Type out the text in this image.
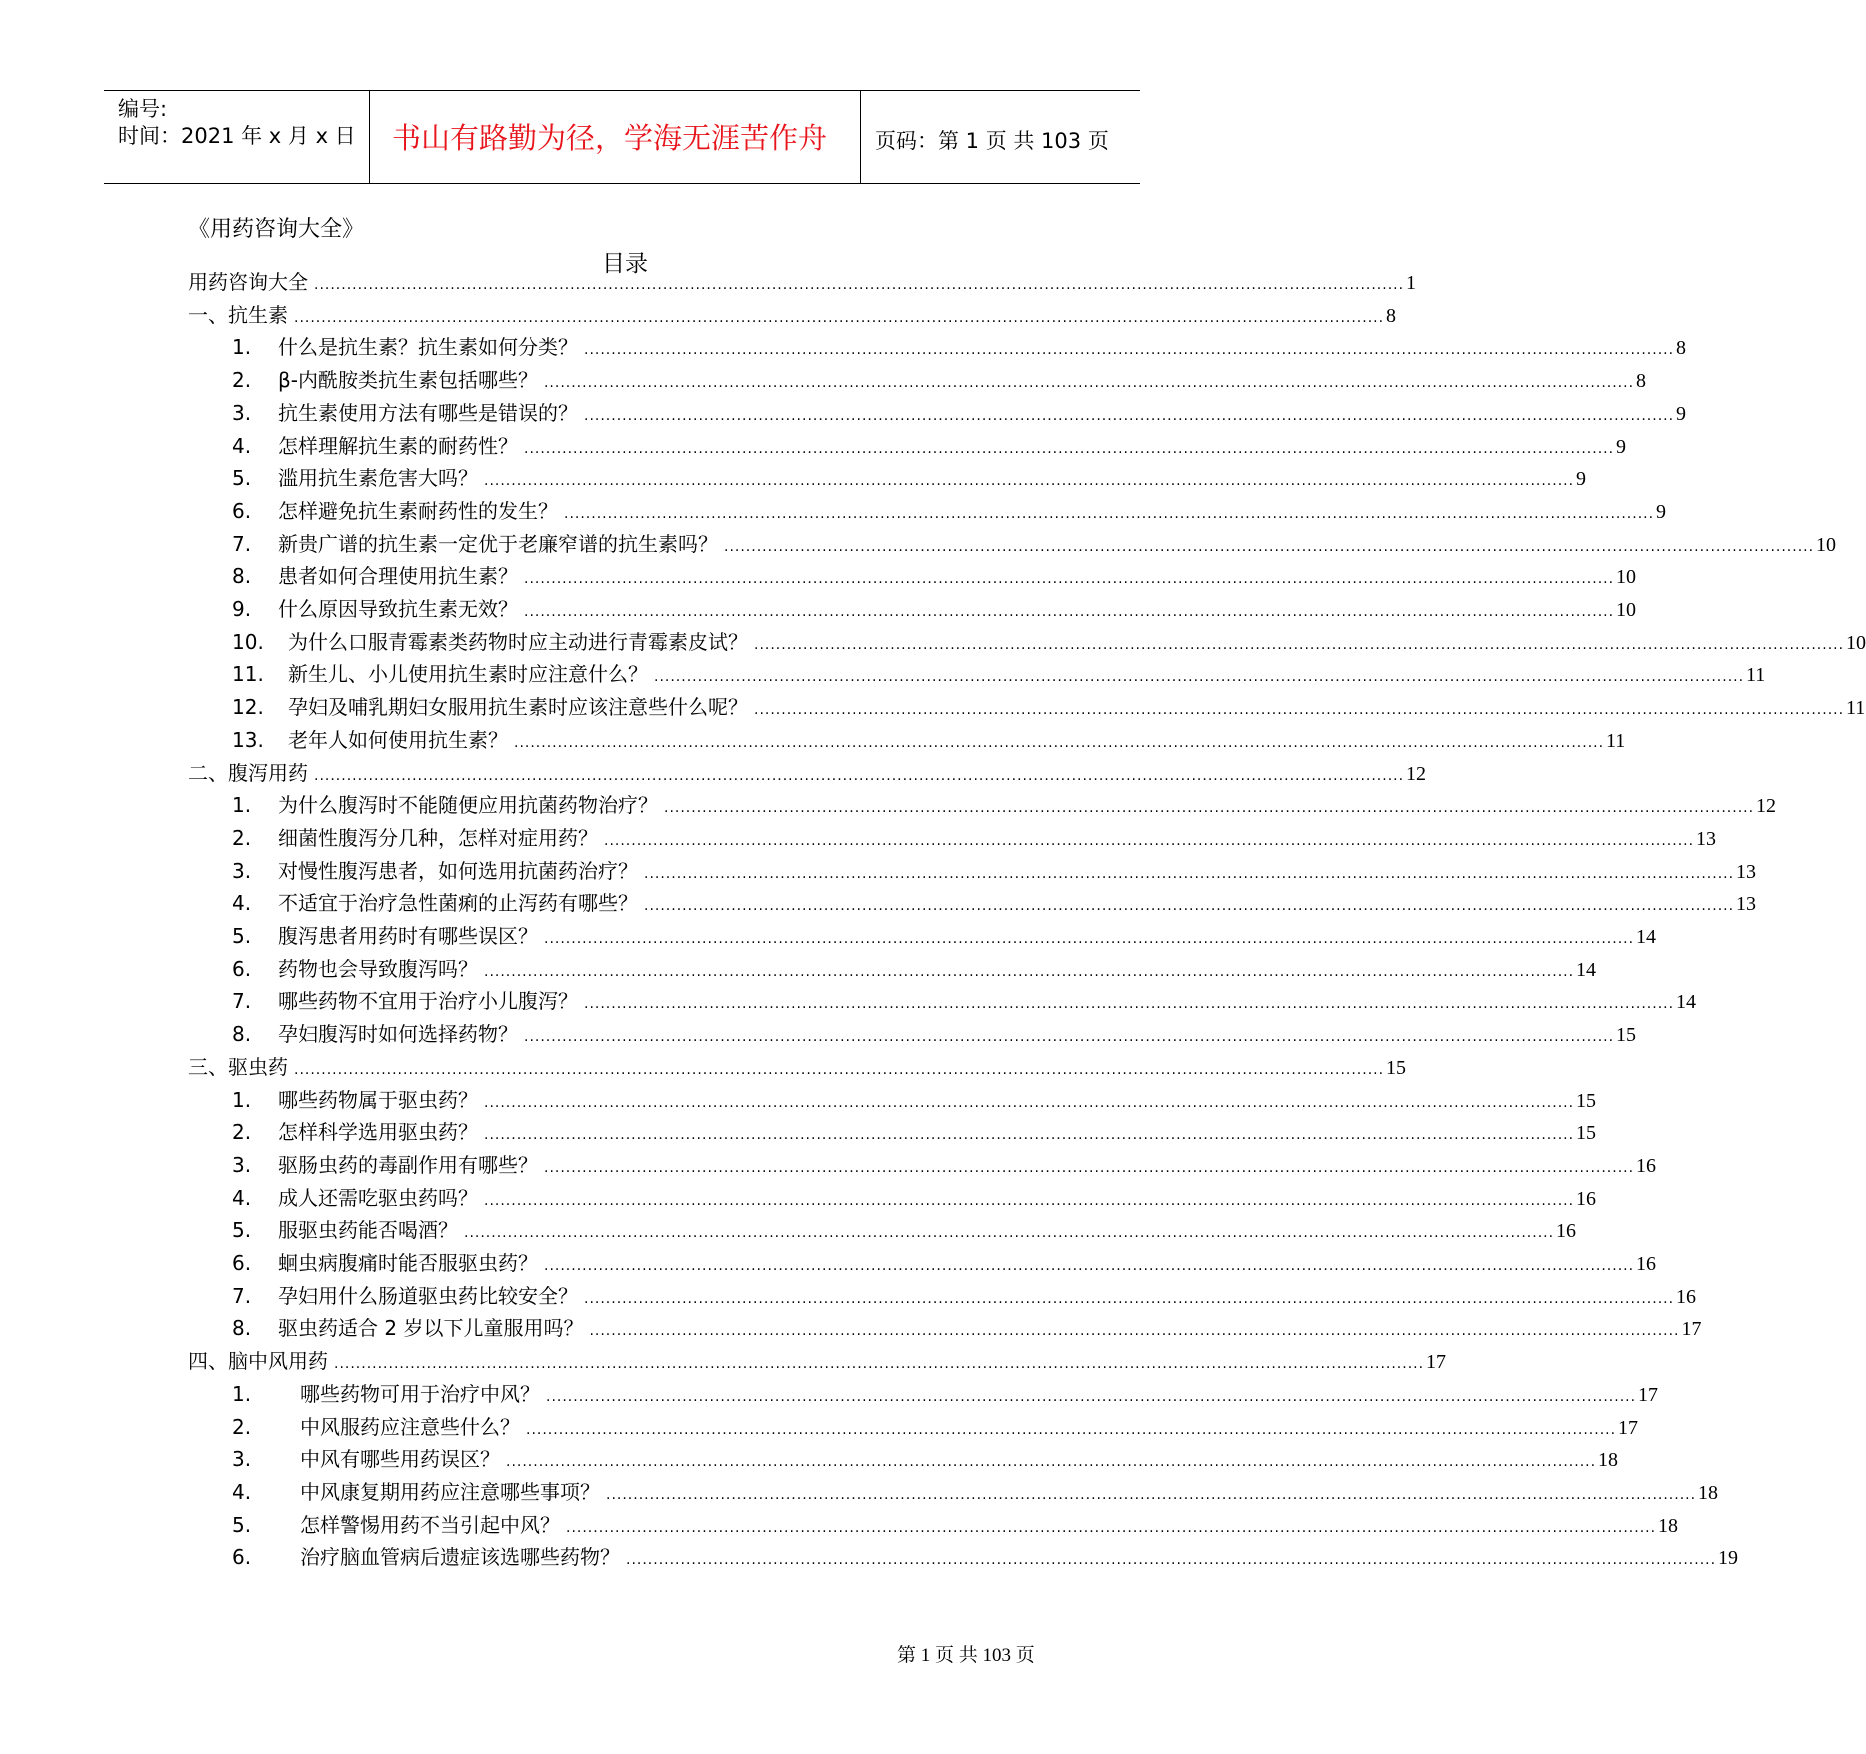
编号:
时间：2021 年 x 月 x 日 书山有路勤为径，学海无涯苦作舟 页码：第 1 页 共 103 页
《用药咨询大全》
目录
用药咨询大全 ........................................................................................................................................................................................................ 1
一、抗生素 ........................................................................................................................................................................................................ 8
1.	什么是抗生素？抗生素如何分类？ ........................................................................................................................................................................................................ 8
2.	β-内酰胺类抗生素包括哪些？ ........................................................................................................................................................................................................ 8
3.	抗生素使用方法有哪些是错误的？ ........................................................................................................................................................................................................ 9
4.	怎样理解抗生素的耐药性？ ........................................................................................................................................................................................................ 9
5.	滥用抗生素危害大吗？ ........................................................................................................................................................................................................ 9
6.	怎样避免抗生素耐药性的发生？ ........................................................................................................................................................................................................ 9
7.	新贵广谱的抗生素一定优于老廉窄谱的抗生素吗？ ........................................................................................................................................................................................................ 10
8.	患者如何合理使用抗生素？ ........................................................................................................................................................................................................ 10
9.	什么原因导致抗生素无效？ ........................................................................................................................................................................................................ 10
10.	为什么口服青霉素类药物时应主动进行青霉素皮试？ ........................................................................................................................................................................................................ 10
11.	新生儿、小儿使用抗生素时应注意什么？ ........................................................................................................................................................................................................ 11
12.	孕妇及哺乳期妇女服用抗生素时应该注意些什么呢？ ........................................................................................................................................................................................................ 11
13.	老年人如何使用抗生素？ ........................................................................................................................................................................................................ 11
二、腹泻用药 ........................................................................................................................................................................................................ 12
1.	为什么腹泻时不能随便应用抗菌药物治疗？ ........................................................................................................................................................................................................ 12
2.	细菌性腹泻分几种，怎样对症用药？ ........................................................................................................................................................................................................ 13
3.	对慢性腹泻患者，如何选用抗菌药治疗？ ........................................................................................................................................................................................................ 13
4.	不适宜于治疗急性菌痢的止泻药有哪些？ ........................................................................................................................................................................................................ 13
5.	腹泻患者用药时有哪些误区？ ........................................................................................................................................................................................................ 14
6.	药物也会导致腹泻吗？ ........................................................................................................................................................................................................ 14
7.	哪些药物不宜用于治疗小儿腹泻？ ........................................................................................................................................................................................................ 14
8.	孕妇腹泻时如何选择药物？ ........................................................................................................................................................................................................ 15
三、驱虫药 ........................................................................................................................................................................................................ 15
1.	哪些药物属于驱虫药？ ........................................................................................................................................................................................................ 15
2.	怎样科学选用驱虫药？ ........................................................................................................................................................................................................ 15
3.	驱肠虫药的毒副作用有哪些？ ........................................................................................................................................................................................................ 16
4.	成人还需吃驱虫药吗？ ........................................................................................................................................................................................................ 16
5.	服驱虫药能否喝酒？ ........................................................................................................................................................................................................ 16
6.	蛔虫病腹痛时能否服驱虫药？ ........................................................................................................................................................................................................ 16
7.	孕妇用什么肠道驱虫药比较安全？ ........................................................................................................................................................................................................ 16
8.	驱虫药适合 2 岁以下儿童服用吗？ ........................................................................................................................................................................................................ 17
四、脑中风用药 ........................................................................................................................................................................................................ 17
1.	哪些药物可用于治疗中风？ ........................................................................................................................................................................................................ 17
2.	中风服药应注意些什么？ ........................................................................................................................................................................................................ 17
3.	中风有哪些用药误区？ ........................................................................................................................................................................................................ 18
4.	中风康复期用药应注意哪些事项？ ........................................................................................................................................................................................................ 18
5.	怎样警惕用药不当引起中风？ ........................................................................................................................................................................................................ 18
6.	治疗脑血管病后遗症该选哪些药物？ ........................................................................................................................................................................................................ 19
第 1 页 共 103 页
